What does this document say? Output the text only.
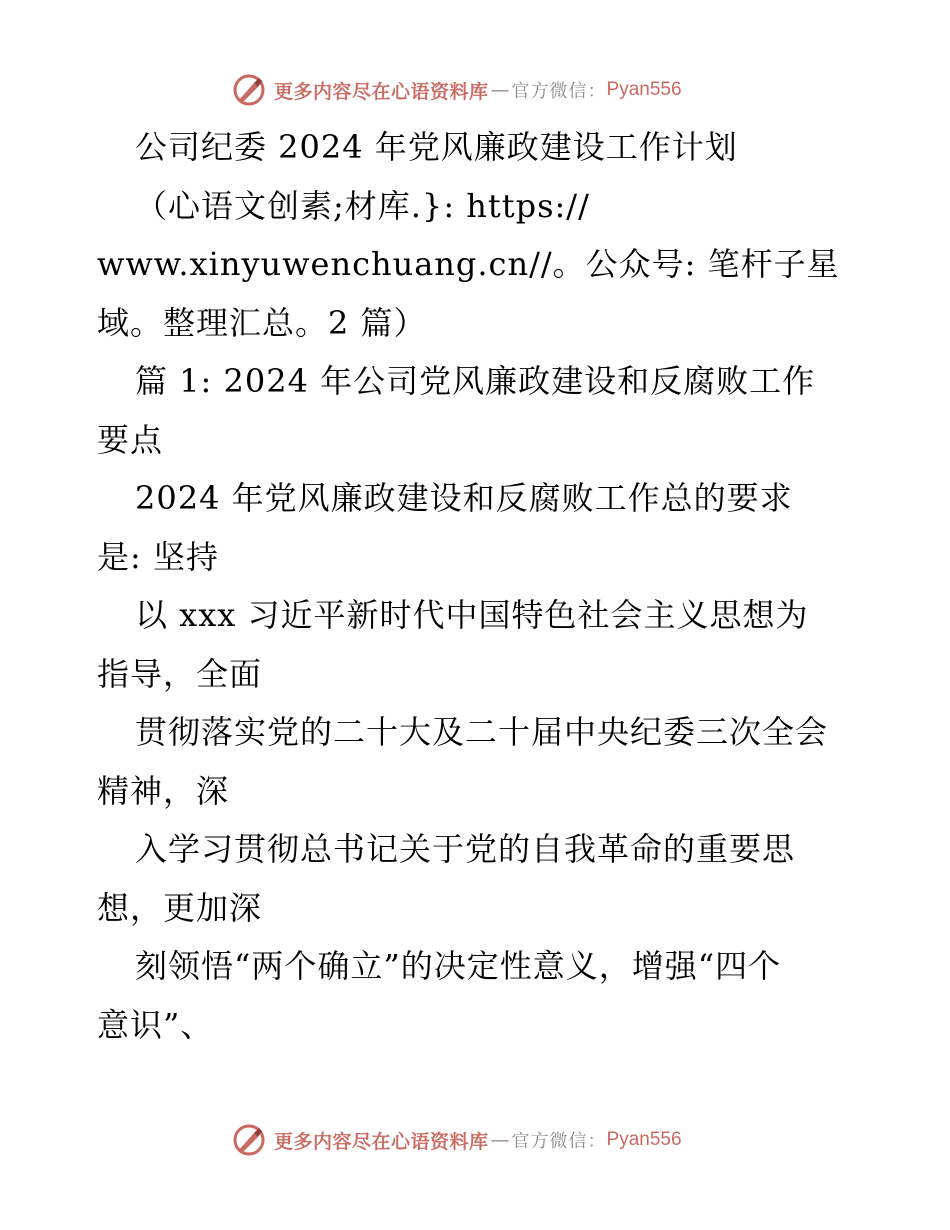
更多内容尽在心语资料库 — 官方微信： Pyan556
公司纪委 2024 年党风廉政建设工作计划
（心语文创素;材库.}: https://
www.xinyuwenchuang.cn//。公众号: 笔杆子星
域。整理汇总。2 篇）
篇 1: 2024 年公司党风廉政建设和反腐败工作
要点
2024 年党风廉政建设和反腐败工作总的要求
是: 坚持
以 xxx 习近平新时代中国特色社会主义思想为
指导，全面
贯彻落实党的二十大及二十届中央纪委三次全会
精神，深
入学习贯彻总书记关于党的自我革命的重要思
想，更加深
刻领悟“两个确立”的决定性意义，增强“四个
意识”、
更多内容尽在心语资料库 — 官方微信： Pyan556
